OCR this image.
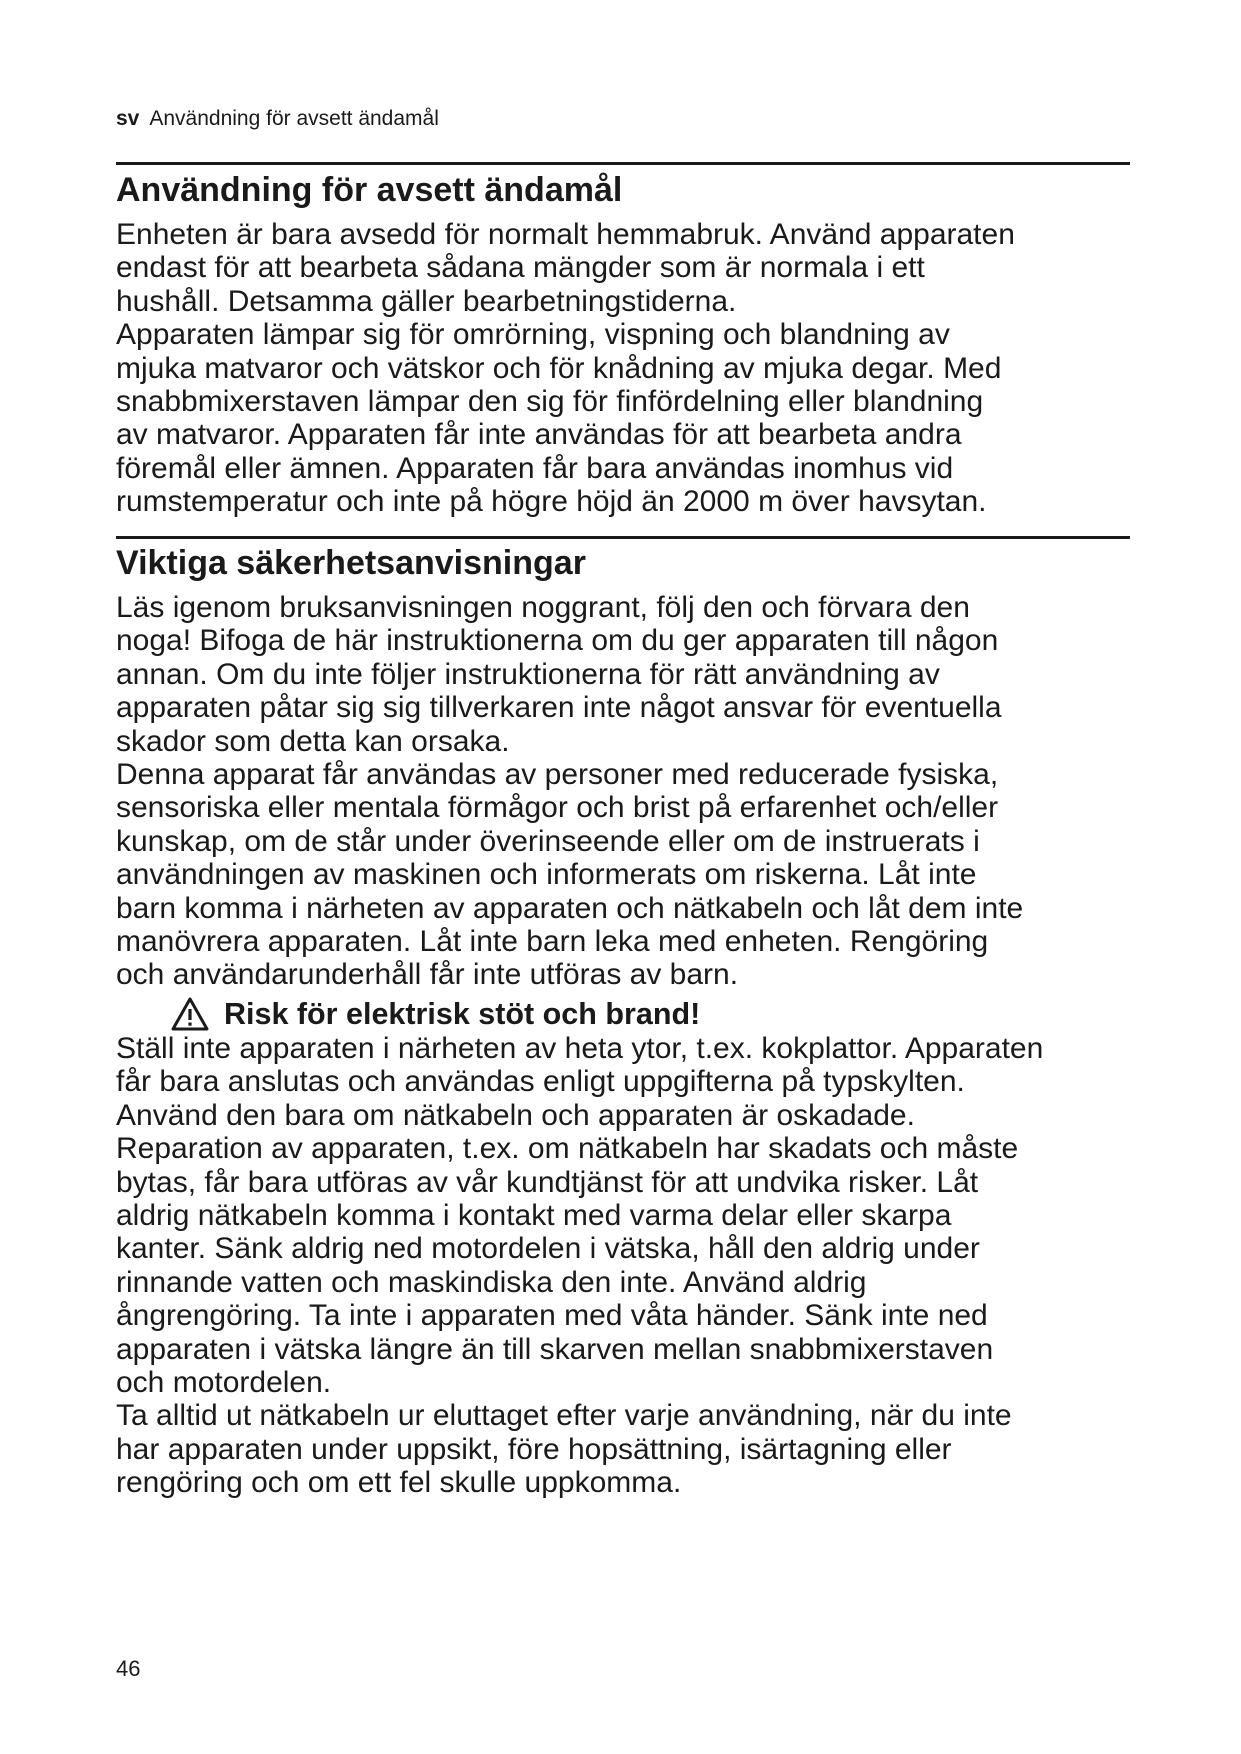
sv Användning för avsett ändamål
Användning för avsett ändamål
Enheten är bara avsedd för normalt hemmabruk. Använd apparaten
endast för att bearbeta sådana mängder som är normala i ett
hushåll. Detsamma gäller bearbetningstiderna.
Apparaten lämpar sig för omrörning, vispning och blandning av
mjuka matvaror och vätskor och för knådning av mjuka degar. Med
snabbmixerstaven lämpar den sig för finfördelning eller blandning
av matvaror. Apparaten får inte användas för att bearbeta andra
föremål eller ämnen. Apparaten får bara användas inomhus vid
rumstemperatur och inte på högre höjd än 2000 m över havsytan.
Viktiga säkerhetsanvisningar
Läs igenom bruksanvisningen noggrant, följ den och förvara den
noga! Bifoga de här instruktionerna om du ger apparaten till någon
annan. Om du inte följer instruktionerna för rätt användning av
apparaten påtar sig sig tillverkaren inte något ansvar för eventuella
skador som detta kan orsaka.
Denna apparat får användas av personer med reducerade fysiska,
sensoriska eller mentala förmågor och brist på erfarenhet och/eller
kunskap, om de står under överinseende eller om de instruerats i
användningen av maskinen och informerats om riskerna. Låt inte
barn komma i närheten av apparaten och nätkabeln och låt dem inte
manövrera apparaten. Låt inte barn leka med enheten. Rengöring
och användarunderhåll får inte utföras av barn.
Risk för elektrisk stöt och brand!
Ställ inte apparaten i närheten av heta ytor, t.ex. kokplattor. Apparaten
får bara anslutas och användas enligt uppgifterna på typskylten.
Använd den bara om nätkabeln och apparaten är oskadade.
Reparation av apparaten, t.ex. om nätkabeln har skadats och måste
bytas, får bara utföras av vår kundtjänst för att undvika risker. Låt
aldrig nätkabeln komma i kontakt med varma delar eller skarpa
kanter. Sänk aldrig ned motordelen i vätska, håll den aldrig under
rinnande vatten och maskindiska den inte. Använd aldrig
ångrengöring. Ta inte i apparaten med våta händer. Sänk inte ned
apparaten i vätska längre än till skarven mellan snabbmixerstaven
och motordelen.
Ta alltid ut nätkabeln ur eluttaget efter varje användning, när du inte
har apparaten under uppsikt, före hopsättning, isärtagning eller
rengöring och om ett fel skulle uppkomma.
46
